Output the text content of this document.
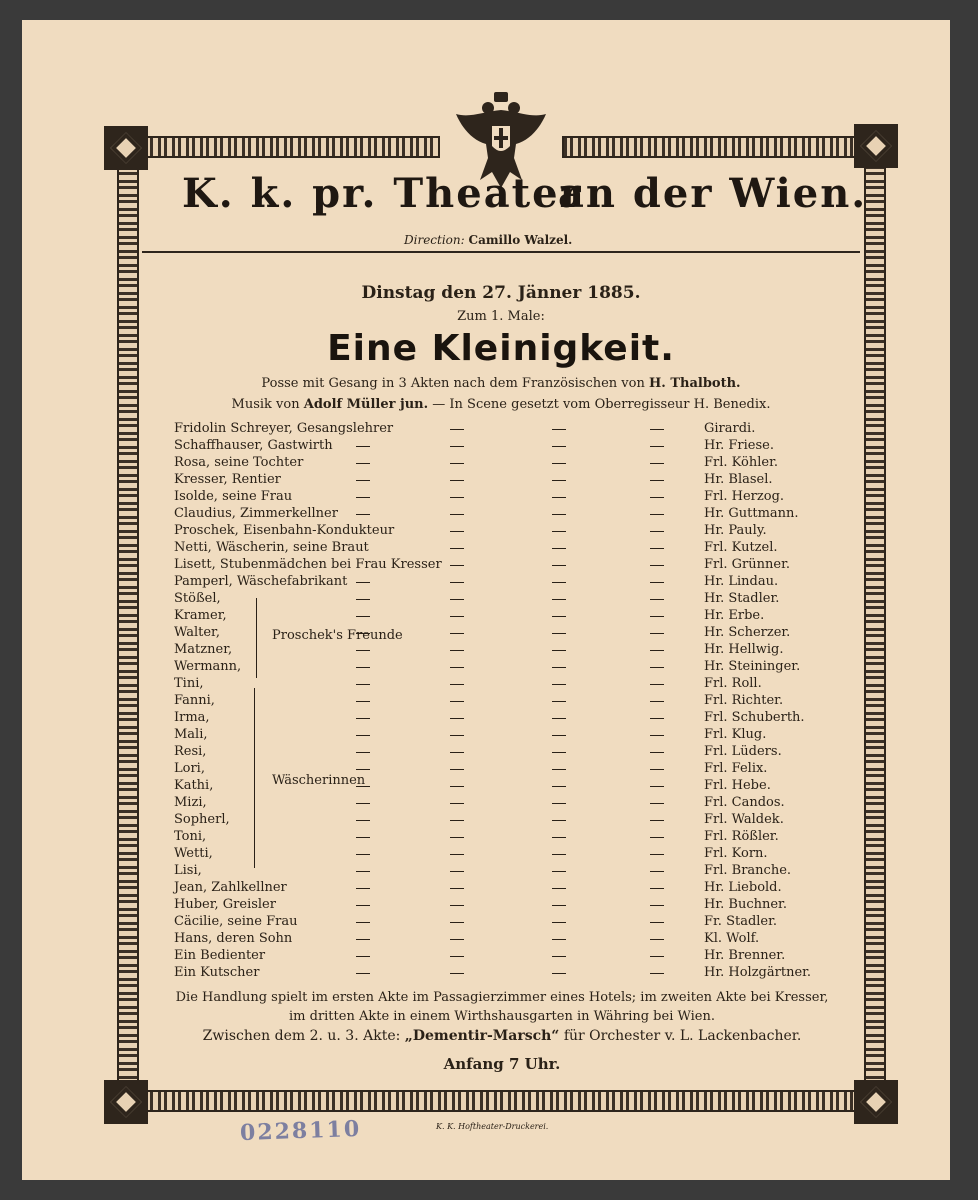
K. k. pr. Theater
an der Wien.
Direction: Camillo Walzel.
Dinstag den 27. Jänner 1885.
Zum 1. Male:
Eine Kleinigkeit.
Posse mit Gesang in 3 Akten nach dem Französischen von H. Thalboth.
Musik von Adolf Müller jun. — In Scene gesetzt vom Oberregisseur H. Benedix.
Fridolin Schreyer, Gesangslehrer	Girardi.
Schaffhauser, Gastwirth	Hr. Friese.
Rosa, seine Tochter	Frl. Köhler.
Kresser, Rentier	Hr. Blasel.
Isolde, seine Frau	Frl. Herzog.
Claudius, Zimmerkellner	Hr. Guttmann.
Proschek, Eisenbahn-Kondukteur	Hr. Pauly.
Netti, Wäscherin, seine Braut	Frl. Kutzel.
Lisett, Stubenmädchen bei Frau Kresser	Frl. Grünner.
Pamperl, Wäschefabrikant	Hr. Lindau.
Stößel,	Hr. Stadler.
Kramer,	Hr. Erbe.
Walter,	Hr. Scherzer.
Matzner,	Hr. Hellwig.
Wermann,	Hr. Steininger.
Tini,	Frl. Roll.
Fanni,	Frl. Richter.
Irma,	Frl. Schuberth.
Mali,	Frl. Klug.
Resi,	Frl. Lüders.
Lori,	Frl. Felix.
Kathi,	Frl. Hebe.
Mizi,	Frl. Candos.
Sopherl,	Frl. Waldek.
Toni,	Frl. Rößler.
Wetti,	Frl. Korn.
Lisi,	Frl. Branche.
Jean, Zahlkellner	Hr. Liebold.
Huber, Greisler	Hr. Buchner.
Cäcilie, seine Frau	Fr. Stadler.
Hans, deren Sohn	Kl. Wolf.
Ein Bedienter	Hr. Brenner.
Ein Kutscher	Hr. Holzgärtner.
Proschek's Freunde
Wäscherinnen
Die Handlung spielt im ersten Akte im Passagierzimmer eines Hotels; im zweiten Akte bei Kresser, im dritten Akte in einem Wirthshausgarten in Währing bei Wien.
Zwischen dem 2. u. 3. Akte: „Dementir-Marsch“ für Orchester v. L. Lackenbacher.
Anfang 7 Uhr.
0228110	K. K. Hoftheater-Druckerei.
